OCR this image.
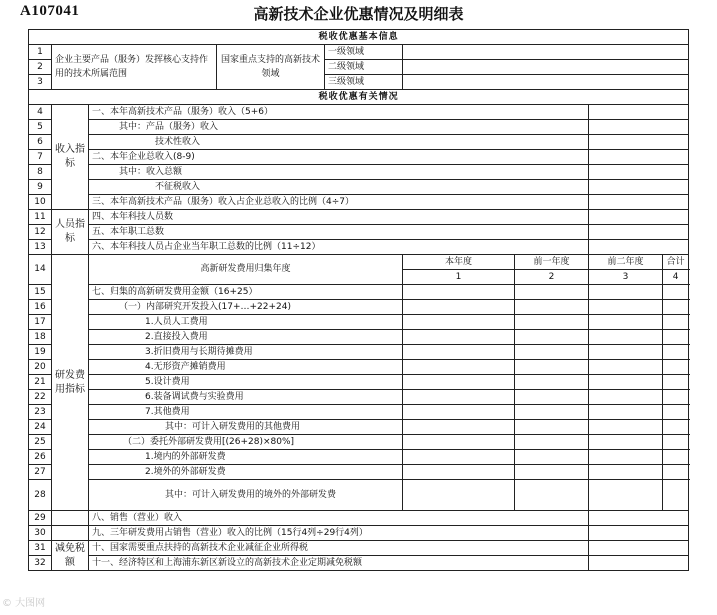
A107041	高新技术企业优惠情况及明细表
税收优惠基本信息								
1	企业主要产品（服务）发挥核心支持作用的技术所属范围		国家重点支持的高新技术领域	一级领域				
2				二级领域				
3				三级领域				
税收优惠有关情况								
4	收入指标	一、本年高新技术产品（服务）收入（5+6）						
5		其中：产品（服务）收入						
6		技术性收入						
7		二、本年企业总收入(8-9)						
8		其中：收入总额						
9		不征税收入						
10		三、本年高新技术产品（服务）收入占企业总收入的比例（4÷7）						
11	人员指标	四、本年科技人员数						
12		五、本年职工总数						
13		六、本年科技人员占企业当年职工总数的比例（11÷12）						
14	研发费用指标	高新研发费用归集年度			本年度	前一年度	前二年度	合计
					1	2	3	4
15		七、归集的高新研发费用金额（16+25）						
16		（一）内部研究开发投入(17+…+22+24)						
17		1.人员人工费用						
18		2.直接投入费用						
19		3.折旧费用与长期待摊费用						
20		4.无形资产摊销费用						
21		5.设计费用						
22		6.装备调试费与实验费用						
23		7.其他费用						
24		其中：可计入研发费用的其他费用						
25		（二）委托外部研发费用[(26+28)×80%]						
26		1.境内的外部研发费						
27		2.境外的外部研发费						
28		其中：可计入研发费用的境外的外部研发费						
29		八、销售（营业）收入						
30		九、三年研发费用占销售（营业）收入的比例（15行4列÷29行4列）						
31	减免税额	十、国家需要重点扶持的高新技术企业减征企业所得税						
32		十一、经济特区和上海浦东新区新设立的高新技术企业定期减免税额						
© 大图网
